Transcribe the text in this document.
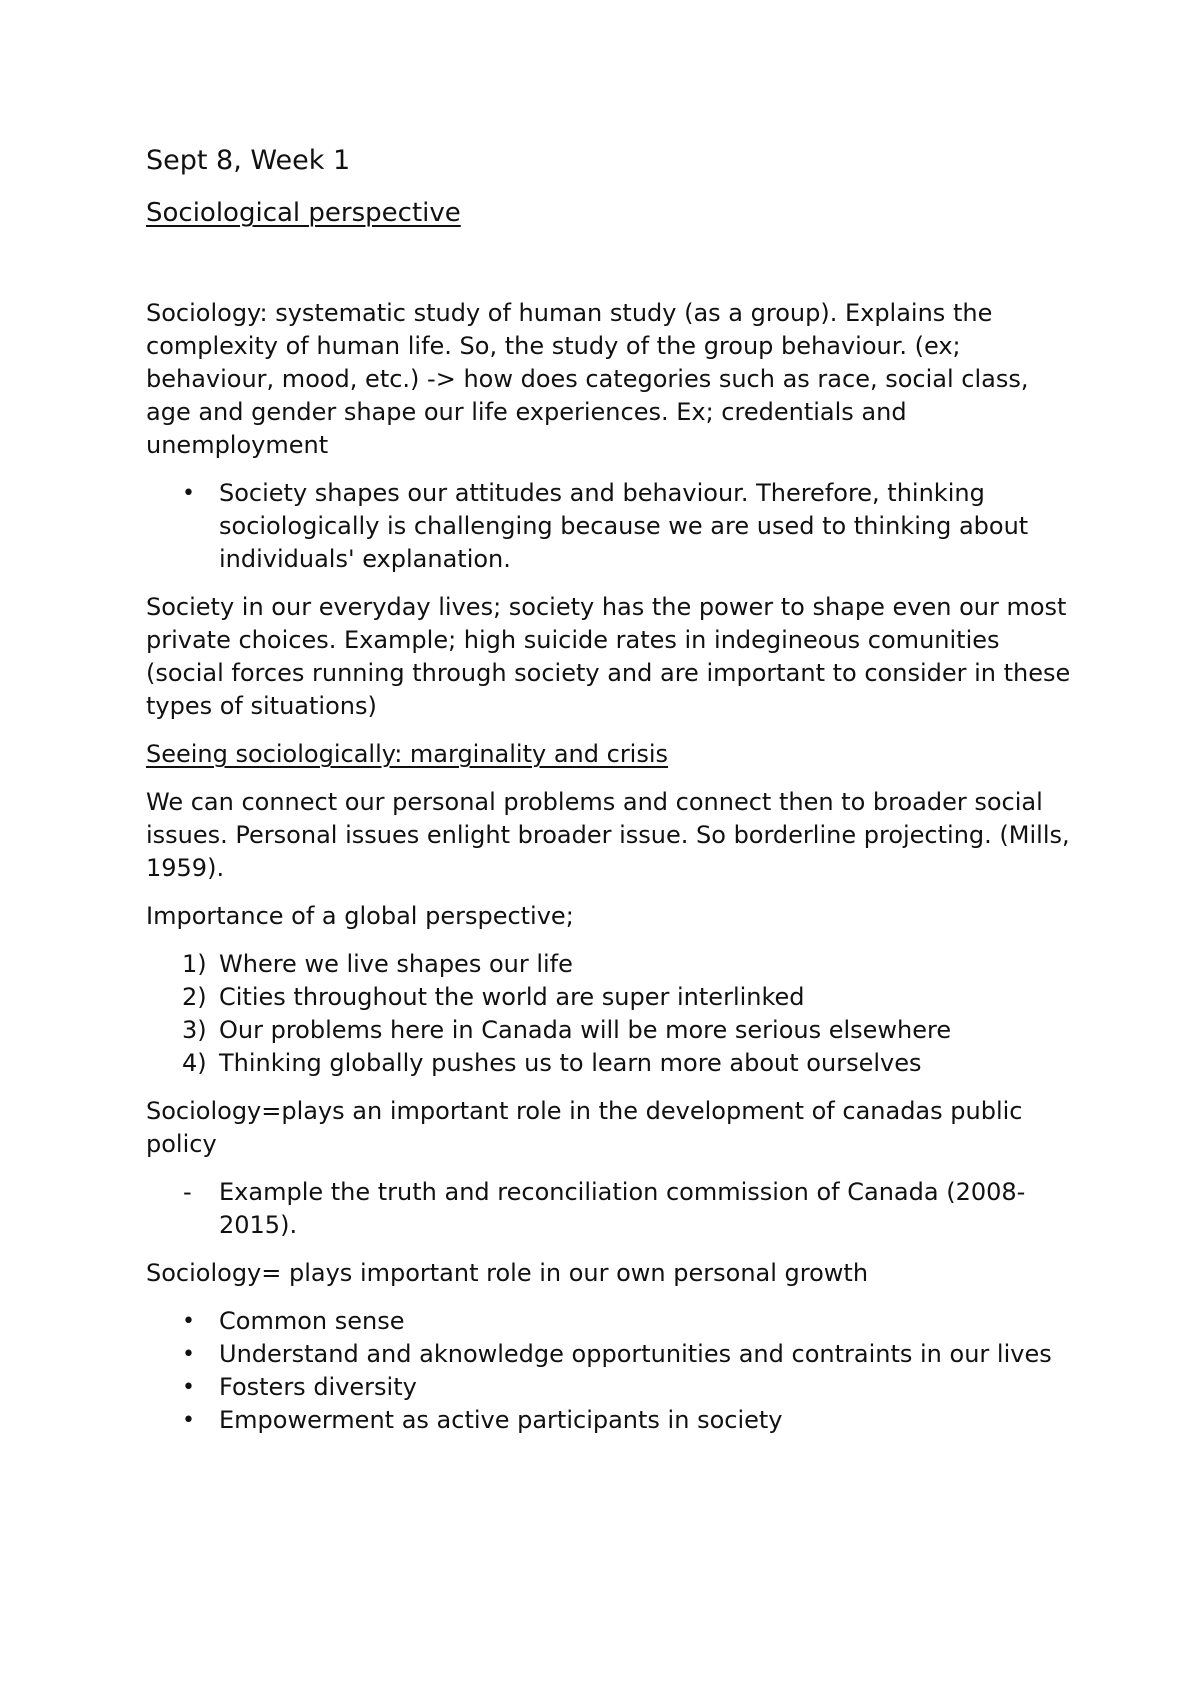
Sept 8, Week 1
Sociological perspective

Sociology: systematic study of human study (as a group). Explains the complexity of human life. So, the study of the group behaviour. (ex; behaviour, mood, etc.) -> how does categories such as race, social class, age and gender shape our life experiences. Ex; credentials and unemployment

• Society shapes our attitudes and behaviour. Therefore, thinking sociologically is challenging because we are used to thinking about individuals' explanation.

Society in our everyday lives; society has the power to shape even our most private choices. Example; high suicide rates in indegineous comunities (social forces running through society and are important to consider in these types of situations)

Seeing sociologically: marginality and crisis

We can connect our personal problems and connect then to broader social issues. Personal issues enlight broader issue. So borderline projecting. (Mills, 1959).

Importance of a global perspective;

1) Where we live shapes our life
2) Cities throughout the world are super interlinked
3) Our problems here in Canada will be more serious elsewhere
4) Thinking globally pushes us to learn more about ourselves

Sociology=plays an important role in the development of canadas public policy

- Example the truth and reconciliation commission of Canada (2008-2015).

Sociology= plays important role in our own personal growth

• Common sense
• Understand and aknowledge opportunities and contraints in our lives
• Fosters diversity
• Empowerment as active participants in society
